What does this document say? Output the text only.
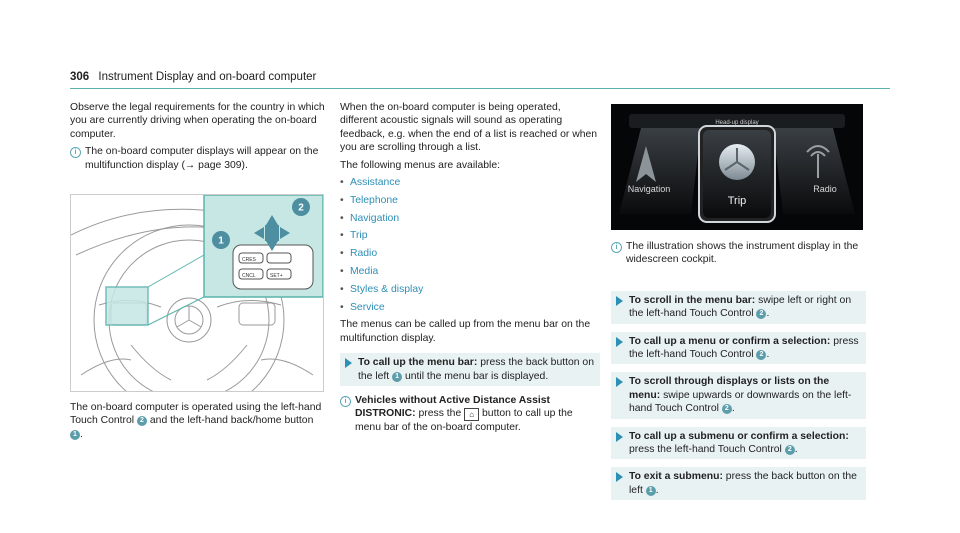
306 Instrument Display and on-board computer

Observe the legal requirements for the country in which you are currently driving when operating the on-board computer.

i The on-board computer displays will appear on the multifunction display (→ page 309).
CRES
CNCL	SET+
1
2

The on-board computer is operated using the left-hand Touch Control 2 and the left-hand back/home button 1 .

When the on-board computer is being operated, different acoustic signals will sound as operating feedback, e.g. when the end of a list is reached or when you are scrolling through a list.

The following menus are available:

• Assistance
• Telephone
• Navigation
• Trip
• Radio
• Media
• Styles & display
• Service

The menus can be called up from the menu bar on the multifunction display.

To call up the menu bar: press the back button on the left 1 until the menu bar is displayed.
i Vehicles without Active Distance Assist DISTRONIC: press the ⌂ button to call up the menu bar of the on-board computer.
Head-up display
Navigation
Trip
Radio
i The illustration shows the instrument display in the widescreen cockpit.
To scroll in the menu bar: swipe left or right on the left-hand Touch Control 2 .
To call up a menu or confirm a selection: press the left-hand Touch Control 2 .
To scroll through displays or lists on the menu: swipe upwards or downwards on the left-hand Touch Control 2 .
To call up a submenu or confirm a selection: press the left-hand Touch Control 2 .
To exit a submenu: press the back button on the left 1 .
